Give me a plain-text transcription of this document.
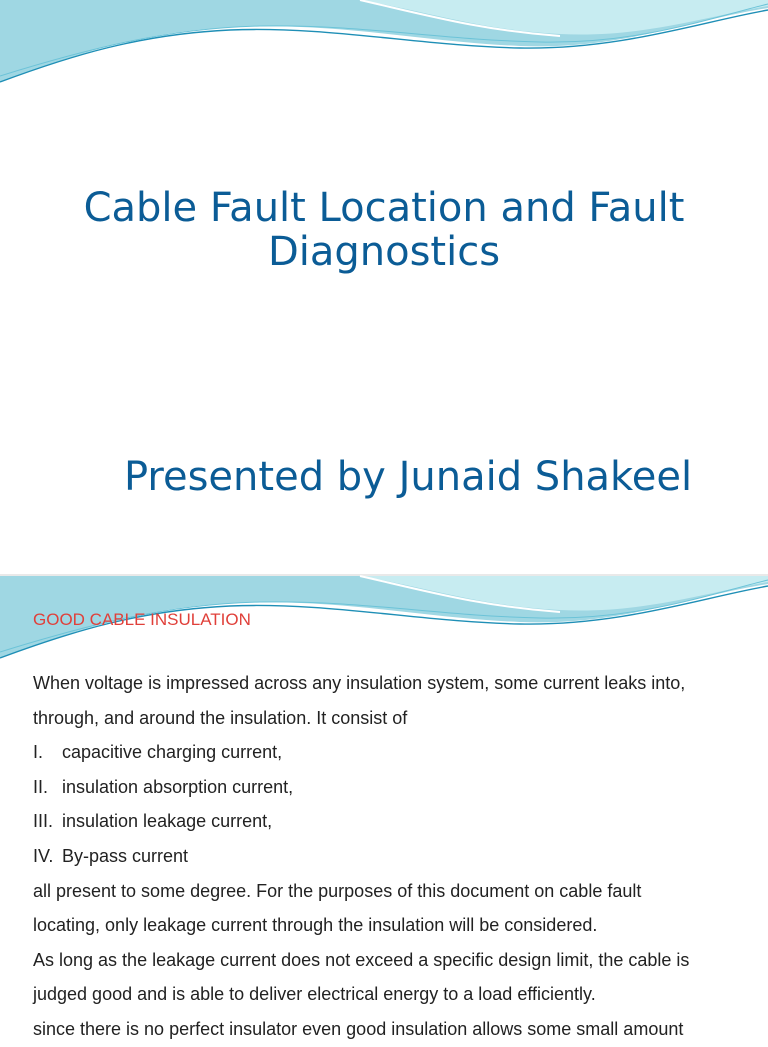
Cable Fault Location and Fault
Diagnostics
Presented by Junaid Shakeel
GOOD CABLE INSULATION
When voltage is impressed across any insulation system, some current leaks into,
through, and around the insulation. It consist of
I. capacitive charging current,
II. insulation absorption current,
III. insulation leakage current,
IV. By-pass current
all present to some degree. For the purposes of this document on cable fault
locating, only leakage current through the insulation will be considered.
As long as the leakage current does not exceed a specific design limit, the cable is
judged good and is able to deliver electrical energy to a load efficiently.
since there is no perfect insulator even good insulation allows some small amount
